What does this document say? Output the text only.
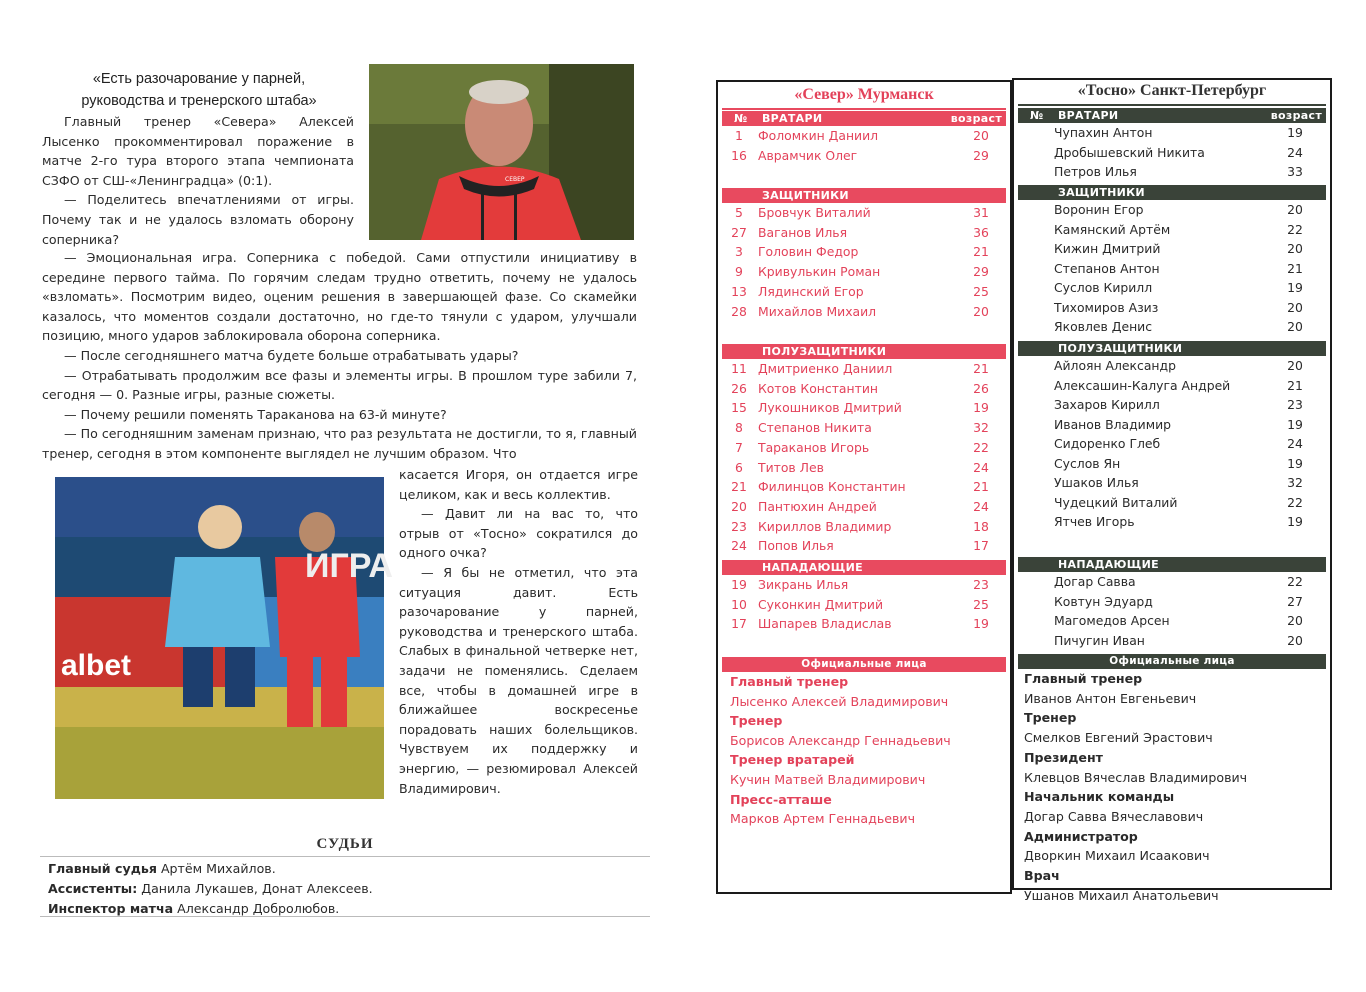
«Есть разочарование у парней,
руководства и тренерского штаба»
СЕВЕР

Главный тренер «Севера» Алексей

Лысенко прокомментировал поражение в

матче 2-го тура второго этапа чемпионата

СЗФО от СШ-«Ленинградца» (0:1).

— Поделитесь впечатлениями от игры.

Почему так и не удалось взломать оборону

соперника?

— Эмоциональная игра. Соперника с победой. Сами отпустили инициативу в середине первого тайма. По горячим следам трудно ответить, почему не удалось «взломать». Посмотрим видео, оценим решения в завершающей фазе. Со скамейки казалось, что моментов создали достаточно, но где-то тянули с ударом, улучшали позицию, много ударов заблокировала оборона соперника.

— После сегодняшнего матча будете больше отрабатывать удары?

— Отрабатывать продолжим все фазы и элементы игры. В прошлом туре забили 7, сегодня — 0. Разные игры, разные сюжеты.

— Почему решили поменять Тараканова на 63-й минуте?

— По сегодняшним заменам признаю, что раз результата не достигли, то я, главный тренер, сегодня в этом компоненте выглядел не лучшим образом. Что

albet
ИГРА

касается Игоря, он отдается игре целиком, как и весь коллектив.

— Давит ли на вас то, что отрыв от «Тосно» сократился до одного очка?

— Я бы не отметил, что эта ситуация давит. Есть разочарование у парней, руководства и тренерского штаба. Слабых в финальной четверке нет, задачи не поменялись. Сделаем все, чтобы в домашней игре в ближайшее воскресенье порадовать наших болельщиков. Чувствуем их поддержку и энергию, — резюмировал Алексей Владимирович.

СУДЬИ
Главный судья Артём Михайлов.
Ассистенты: Данила Лукашев, Донат Алексеев.
Инспектор матча Александр Добролюбов.
«Север» Мурманск
№ ВРАТАРИ	возраст
1	Фоломкин Даниил	20
16 Аврамчик Олег	29
ЗАЩИТНИКИ
5	Бровчук Виталий	31
27 Ваганов Илья	36
3	Головин Федор	21
9	Кривулькин Роман	29
13 Лядинский Егор	25
28 Михайлов Михаил	20
ПОЛУЗАЩИТНИКИ
11 Дмитриенко Даниил	21
26 Котов Константин	26
15 Лукошников Дмитрий	19
8	Степанов Никита	32
7	Тараканов Игорь	22
6	Титов Лев	24
21 Филинцов Константин	21
20 Пантюхин Андрей	24
23 Кириллов Владимир	18
24 Попов Илья	17
НАПАДАЮЩИЕ
19 Зикрань Илья	23
10 Суконкин Дмитрий	25
17 Шапарев Владислав	19
Официальные лица
Главный тренер
Лысенко Алексей Владимирович
Тренер
Борисов Александр Геннадьевич
Тренер вратарей
Кучин Матвей Владимирович
Пресс-атташе
Марков Артем Геннадьевич
«Тосно» Санкт-Петербург
№ ВРАТАРИ	возраст
Чупахин Антон	19
Дробышевский Никита	24
Петров Илья	33
ЗАЩИТНИКИ
Воронин Егор	20
Камянский Артём	22
Кижин Дмитрий	20
Степанов Антон	21
Суслов Кирилл	19
Тихомиров Азиз	20
Яковлев Денис	20
ПОЛУЗАЩИТНИКИ
Айлоян Александр	20
Алексашин-Калуга Андрей	21
Захаров Кирилл	23
Иванов Владимир	19
Сидоренко Глеб	24
Суслов Ян	19
Ушаков Илья	32
Чудецкий Виталий	22
Ятчев Игорь	19
НАПАДАЮЩИЕ
Догар Савва	22
Ковтун Эдуард	27
Магомедов Арсен	20
Пичугин Иван	20
Официальные лица
Главный тренер
Иванов Антон Евгеньевич
Тренер
Смелков Евгений Эрастович
Президент
Клевцов Вячеслав Владимирович
Начальник команды
Догар Савва Вячеславович
Администратор
Дворкин Михаил Исаакович
Врач
Ушанов Михаил Анатольевич
